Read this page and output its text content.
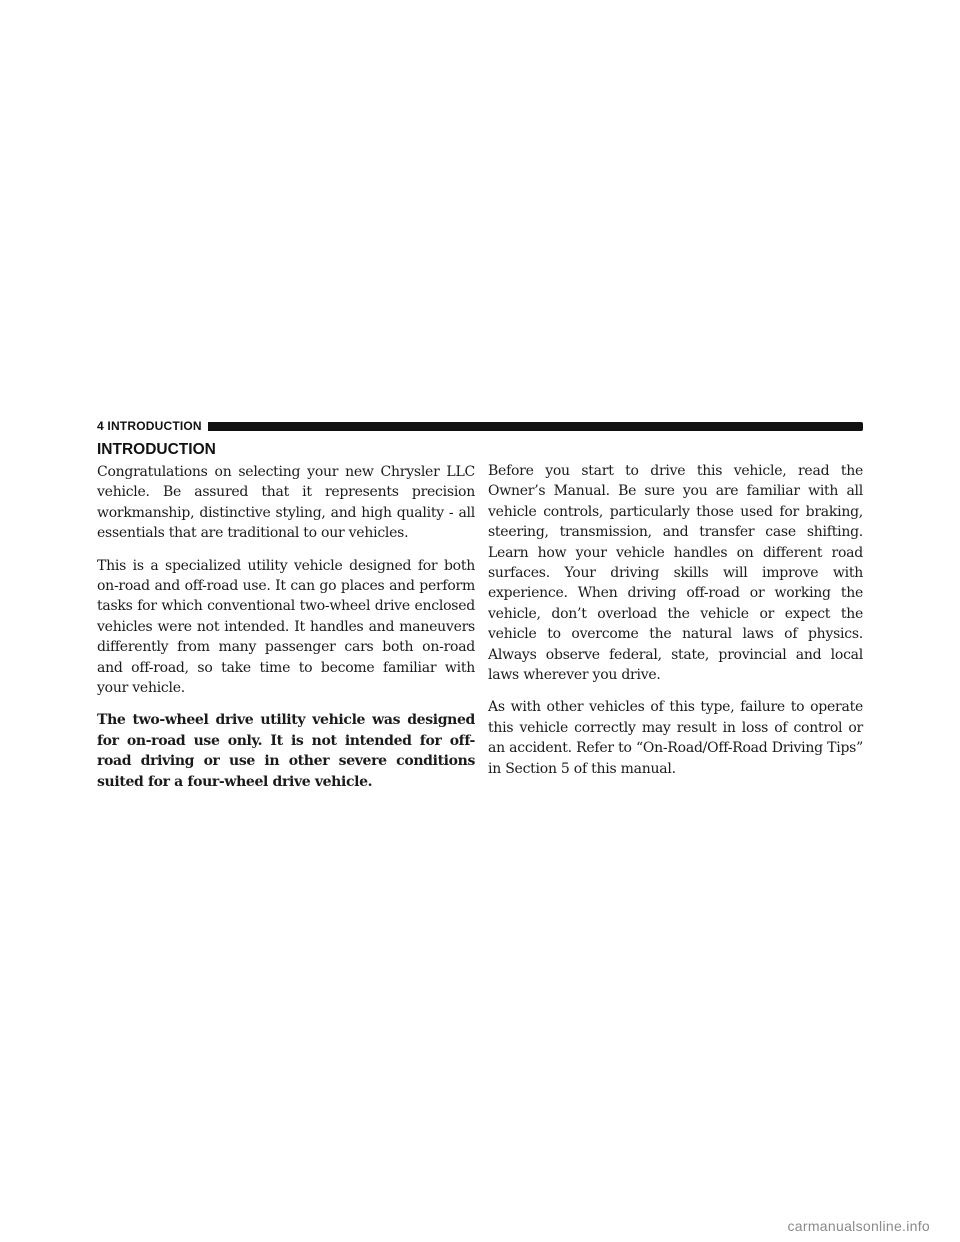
4 INTRODUCTION
INTRODUCTION

Congratulations on selecting your new Chrysler LLC vehicle. Be assured that it represents precision workmanship, distinctive styling, and high quality - all essentials that are traditional to our vehicles.

This is a specialized utility vehicle designed for both on-road and off-road use. It can go places and perform tasks for which conventional two-wheel drive enclosed vehicles were not intended. It handles and maneuvers differently from many passenger cars both on-road and off-road, so take time to become familiar with your vehicle.

The two-wheel drive utility vehicle was designed for on-road use only. It is not intended for off-road driving or use in other severe conditions suited for a four-wheel drive vehicle.

Before you start to drive this vehicle, read the Owner’s Manual. Be sure you are familiar with all vehicle controls, particularly those used for braking, steering, transmission, and transfer case shifting. Learn how your vehicle handles on different road surfaces. Your driving skills will improve with experience. When driving off-road or working the vehicle, don’t overload the vehicle or expect the vehicle to overcome the natural laws of physics. Always observe federal, state, provincial and local laws wherever you drive.

As with other vehicles of this type, failure to operate this vehicle correctly may result in loss of control or an accident. Refer to “On-Road/Off-Road Driving Tips” in Section 5 of this manual.

carmanualsonline.info
